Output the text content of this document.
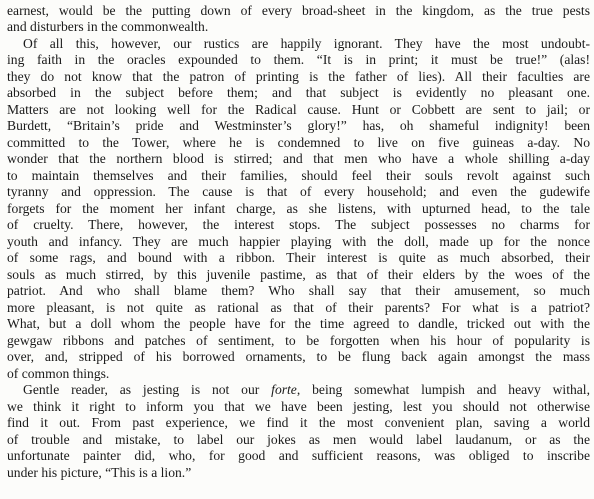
earnest, would be the putting down of every broad-sheet in the kingdom, as the true pests
and disturbers in the commonwealth.
Of all this, however, our rustics are happily ignorant. They have the most undoubt-
ing faith in the oracles expounded to them. “It is in print; it must be true!” (alas!
they do not know that the patron of printing is the father of lies). All their faculties are
absorbed in the subject before them; and that subject is evidently no pleasant one.
Matters are not looking well for the Radical cause. Hunt or Cobbett are sent to jail; or
Burdett, “Britain’s pride and Westminster’s glory!” has, oh shameful indignity! been
committed to the Tower, where he is condemned to live on five guineas a-day. No
wonder that the northern blood is stirred; and that men who have a whole shilling a-day
to maintain themselves and their families, should feel their souls revolt against such
tyranny and oppression. The cause is that of every household; and even the gudewife
forgets for the moment her infant charge, as she listens, with upturned head, to the tale
of cruelty. There, however, the interest stops. The subject possesses no charms for
youth and infancy. They are much happier playing with the doll, made up for the nonce
of some rags, and bound with a ribbon. Their interest is quite as much absorbed, their
souls as much stirred, by this juvenile pastime, as that of their elders by the woes of the
patriot. And who shall blame them? Who shall say that their amusement, so much
more pleasant, is not quite as rational as that of their parents? For what is a patriot?
What, but a doll whom the people have for the time agreed to dandle, tricked out with the
gewgaw ribbons and patches of sentiment, to be forgotten when his hour of popularity is
over, and, stripped of his borrowed ornaments, to be flung back again amongst the mass
of common things.
Gentle reader, as jesting is not our forte, being somewhat lumpish and heavy withal,
we think it right to inform you that we have been jesting, lest you should not otherwise
find it out. From past experience, we find it the most convenient plan, saving a world
of trouble and mistake, to label our jokes as men would label laudanum, or as the
unfortunate painter did, who, for good and sufficient reasons, was obliged to inscribe
under his picture, “This is a lion.”
